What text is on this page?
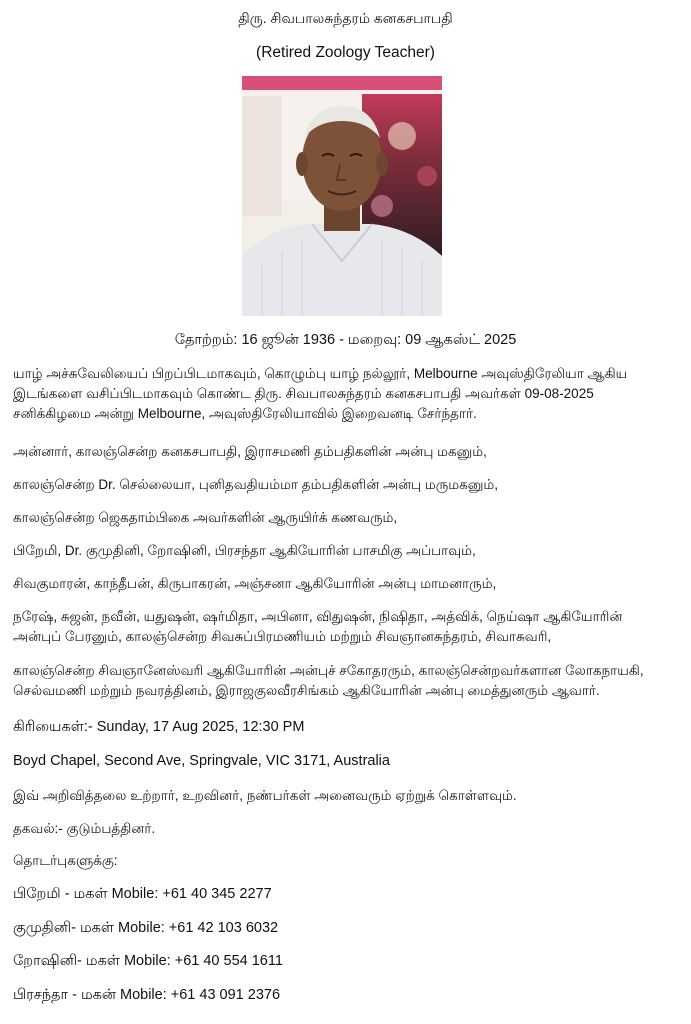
திரு. சிவபாலசுந்தரம் கனகசபாபதி
(Retired Zoology Teacher)
தோற்றம்: 16 ஜூன் 1936 - மறைவு: 09 ஆகஸ்ட் 2025
யாழ் அச்சுவேலியைப் பிறப்பிடமாகவும், கொழும்பு யாழ் நல்லூர், Melbourne அவுஸ்திரேலியா ஆகிய
இடங்களை வசிப்பிடமாகவும் கொண்ட திரு. சிவபாலசுந்தரம் கனகசபாபதி அவர்கள் 09-08-2025
சனிக்கிழமை அன்று Melbourne, அவுஸ்திரேலியாவில் இறைவனடி சேர்ந்தார்.
அன்னார், காலஞ்சென்ற கனகசபாபதி, இராசமணி தம்பதிகளின் அன்பு மகனும்,
காலஞ்சென்ற Dr. செல்லையா, புனிதவதியம்மா தம்பதிகளின் அன்பு மருமகனும்,
காலஞ்சென்ற ஜெகதாம்பிகை அவர்களின் ஆருயிர்க் கணவரும்,
பிறேமி, Dr. குமுதினி, றோஷினி, பிரசந்தா ஆகியோரின் பாசமிகு அப்பாவும்,
சிவகுமாரன், காந்தீபன், கிருபாகரன், அஞ்சனா ஆகியோரின் அன்பு மாமனாரும்,
நரேஷ், சுஜன், நவீன், யதுஷன், ஷர்மிதா, அபினா, விதுஷன், நிஷிதா, அத்விக், நெய்ஷா ஆகியோரின்
அன்புப் பேரனும், காலஞ்சென்ற சிவசுப்பிரமணியம் மற்றும் சிவஞானசுந்தரம், சிவாசுவரி,
காலஞ்சென்ற சிவஞானேஸ்வரி ஆகியோரின் அன்புச் சகோதரரும், காலஞ்சென்றவர்களான லோகநாயகி,
செல்வமணி மற்றும் நவரத்தினம், இராஜகுலவீரசிங்கம் ஆகியோரின் அன்பு மைத்துனரும் ஆவார்.
கிரியைகள்:- Sunday, 17 Aug 2025, 12:30 PM
Boyd Chapel, Second Ave, Springvale, VIC 3171, Australia
இவ் அறிவித்தலை உற்றார், உறவினர், நண்பர்கள் அனைவரும் ஏற்றுக் கொள்ளவும்.
தகவல்:- குடும்பத்தினர்.
தொடர்புகளுக்கு:
பிறேமி - மகள் Mobile: +61 40 345 2277
குமுதினி- மகள் Mobile: +61 42 103 6032
றோஷினி- மகள் Mobile: +61 40 554 1611
பிரசந்தா - மகன் Mobile: +61 43 091 2376
